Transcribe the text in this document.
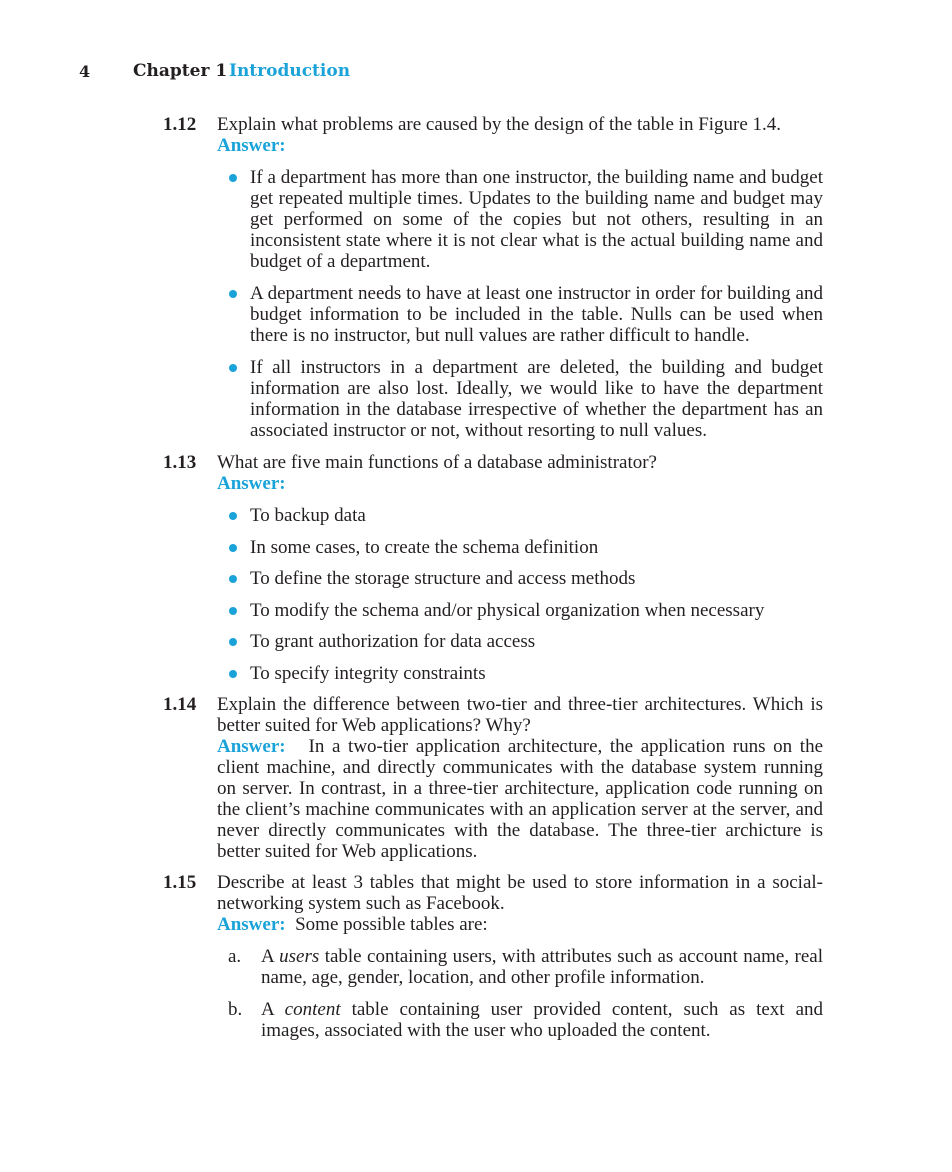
4	Chapter 1 Introduction
1.12 Explain what problems are caused by the design of the table in Figure 1.4.
Answer:
If a department has more than one instructor, the building name and budget get repeated multiple times. Updates to the building name and budget may get performed on some of the copies but not others, resulting in an inconsistent state where it is not clear what is the actual building name and budget of a department.
A department needs to have at least one instructor in order for building and budget information to be included in the table. Nulls can be used when there is no instructor, but null values are rather difficult to handle.
If all instructors in a department are deleted, the building and budget information are also lost. Ideally, we would like to have the department information in the database irrespective of whether the department has an associated instructor or not, without resorting to null values.
1.13 What are five main functions of a database administrator?
Answer:
To backup data
In some cases, to create the schema definition
To define the storage structure and access methods
To modify the schema and/or physical organization when necessary
To grant authorization for data access
To specify integrity constraints
1.14 Explain the difference between two-tier and three-tier architectures. Which is better suited for Web applications? Why?
Answer: In a two-tier application architecture, the application runs on the client machine, and directly communicates with the database system running on server. In contrast, in a three-tier architecture, application code running on the client’s machine communicates with an application server at the server, and never directly communicates with the database. The three-tier archicture is better suited for Web applications.
1.15 Describe at least 3 tables that might be used to store information in a social-networking system such as Facebook.
Answer: Some possible tables are:
a. A users table containing users, with attributes such as account name, real name, age, gender, location, and other profile information.
b. A content table containing user provided content, such as text and images, associated with the user who uploaded the content.
